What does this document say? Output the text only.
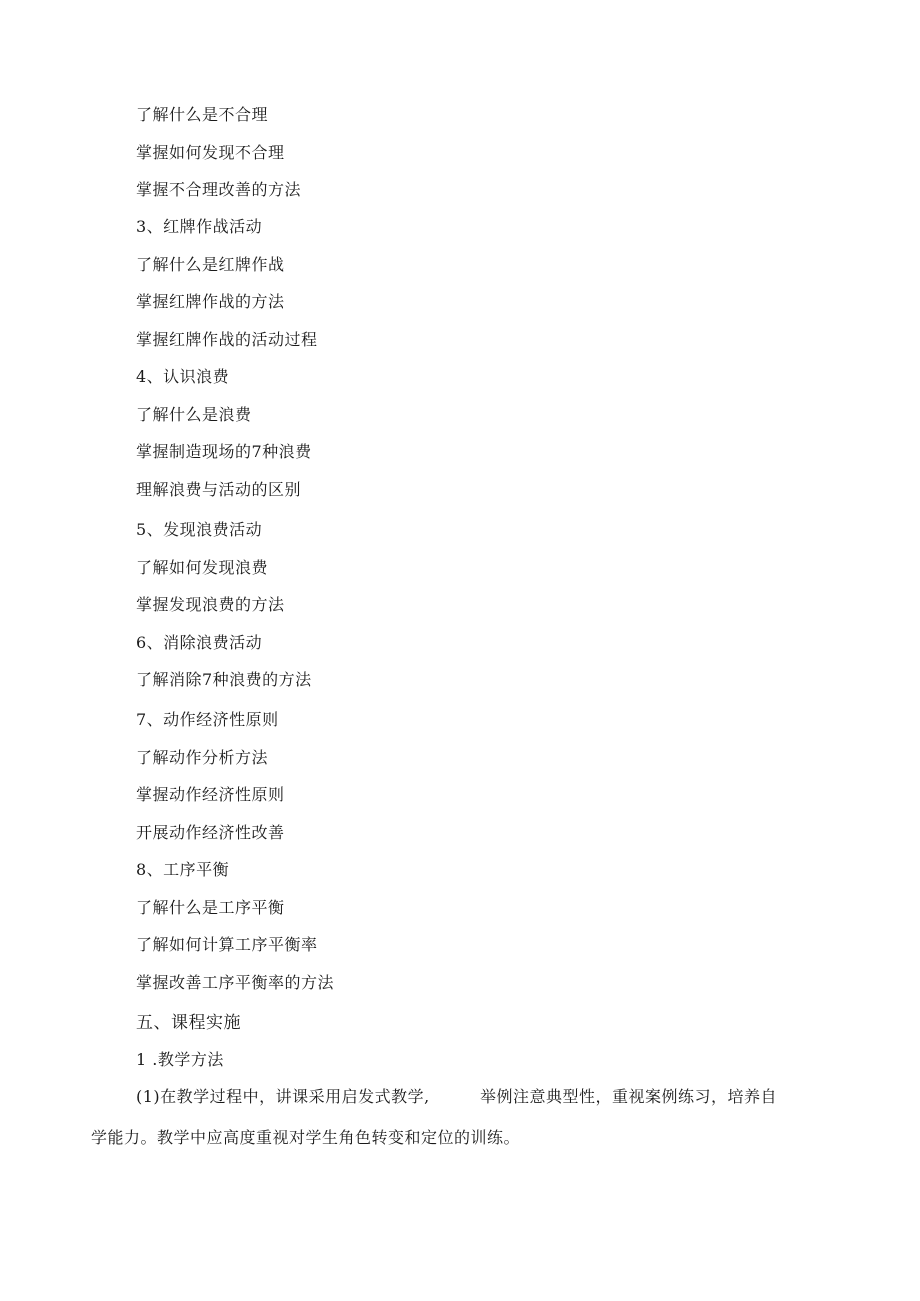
了解什么是不合理
掌握如何发现不合理
掌握不合理改善的方法
3、红牌作战活动
了解什么是红牌作战
掌握红牌作战的方法
掌握红牌作战的活动过程
4、认识浪费
了解什么是浪费
掌握制造现场的7种浪费
理解浪费与活动的区别
5、发现浪费活动
了解如何发现浪费
掌握发现浪费的方法
6、消除浪费活动
了解消除7种浪费的方法
7、动作经济性原则
了解动作分析方法
掌握动作经济性原则
开展动作经济性改善
8、工序平衡
了解什么是工序平衡
了解如何计算工序平衡率
掌握改善工序平衡率的方法
五、课程实施
1 .教学方法
(1)在教学过程中，讲课采用启发式教学,	举例注意典型性，重视案例练习，培养自
学能力。教学中应高度重视对学生角色转变和定位的训练。
